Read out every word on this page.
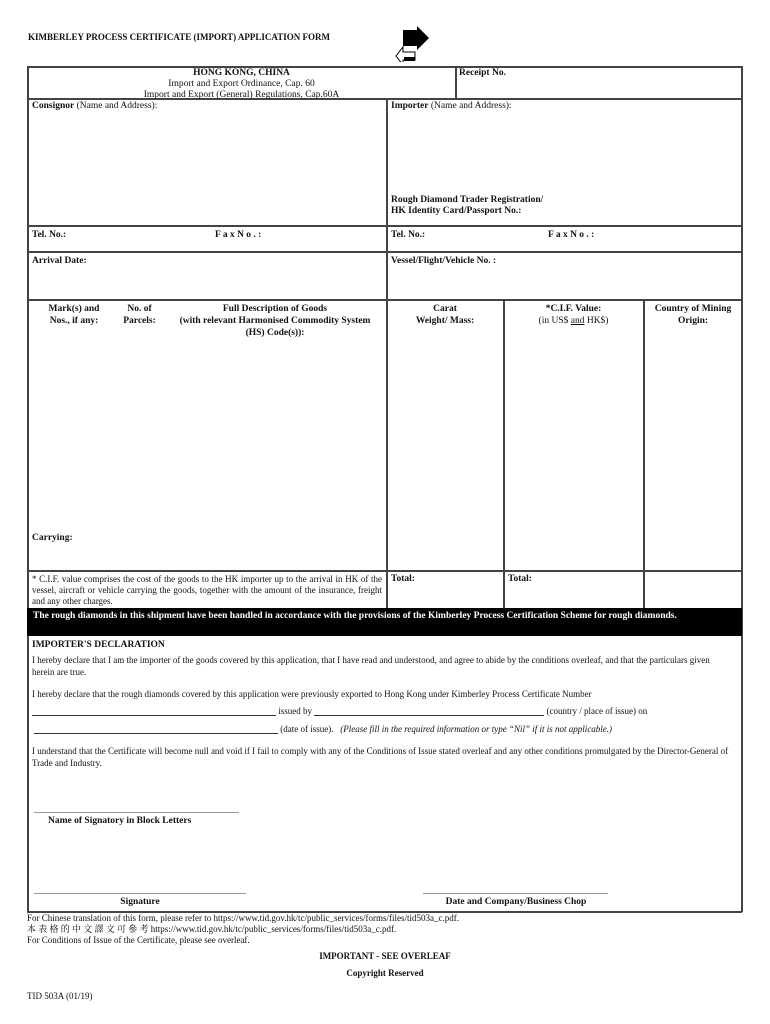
KIMBERLEY PROCESS CERTIFICATE (IMPORT) APPLICATION FORM
HONG KONG, CHINA
Import and Export Ordinance, Cap. 60
Import and Export (General) Regulations, Cap.60A
Receipt No.
Consignor (Name and Address):	Importer (Name and Address):
Rough Diamond Trader Registration/
HK Identity Card/Passport No.:
Tel. No.:	F a x N o . :	Tel. No.:	F a x N o . :
Arrival Date:	Vessel/Flight/Vehicle No. :
Mark(s) and
Nos., if any:
No. of
Parcels:
Full Description of Goods
(with relevant Harmonised Commodity System
(HS) Code(s)):
Carat
Weight/ Mass:
*C.I.F. Value:
(in US$ and HK$)
Country of Mining
Origin:
Carrying:
* C.I.F. value comprises the cost of the goods to the HK importer up to the arrival in HK of the vessel, aircraft or vehicle carrying the goods, together with the amount of the insurance, freight and any other charges.
Total:	Total:
The rough diamonds in this shipment have been handled in accordance with the provisions of the Kimberley Process Certification Scheme for rough diamonds.
IMPORTER'S DECLARATION
I hereby declare that I am the importer of the goods covered by this application, that I have read and understood, and agree to abide by the conditions overleaf, and that the particulars given herein are true.
I hereby declare that the rough diamonds covered by this application were previously exported to Hong Kong under Kimberley Process Certificate Number
issued by	(country / place of issue) on
(date of issue). (Please fill in the required information or type “Nil” if it is not applicable.)
I understand that the Certificate will become null and void if I fail to comply with any of the Conditions of Issue stated overleaf and any other conditions promulgated by the Director-General of Trade and Industry.
Name of Signatory in Block Letters
Signature	Date and Company/Business Chop
For Chinese translation of this form, please refer to https://www.tid.gov.hk/tc/public_services/forms/files/tid503a_c.pdf.
本 表 格 的 中 文 譯 文 可 參 考 https://www.tid.gov.hk/tc/public_services/forms/files/tid503a_c.pdf.
For Conditions of Issue of the Certificate, please see overleaf.
IMPORTANT - SEE OVERLEAF
Copyright Reserved
TID 503A (01/19)
